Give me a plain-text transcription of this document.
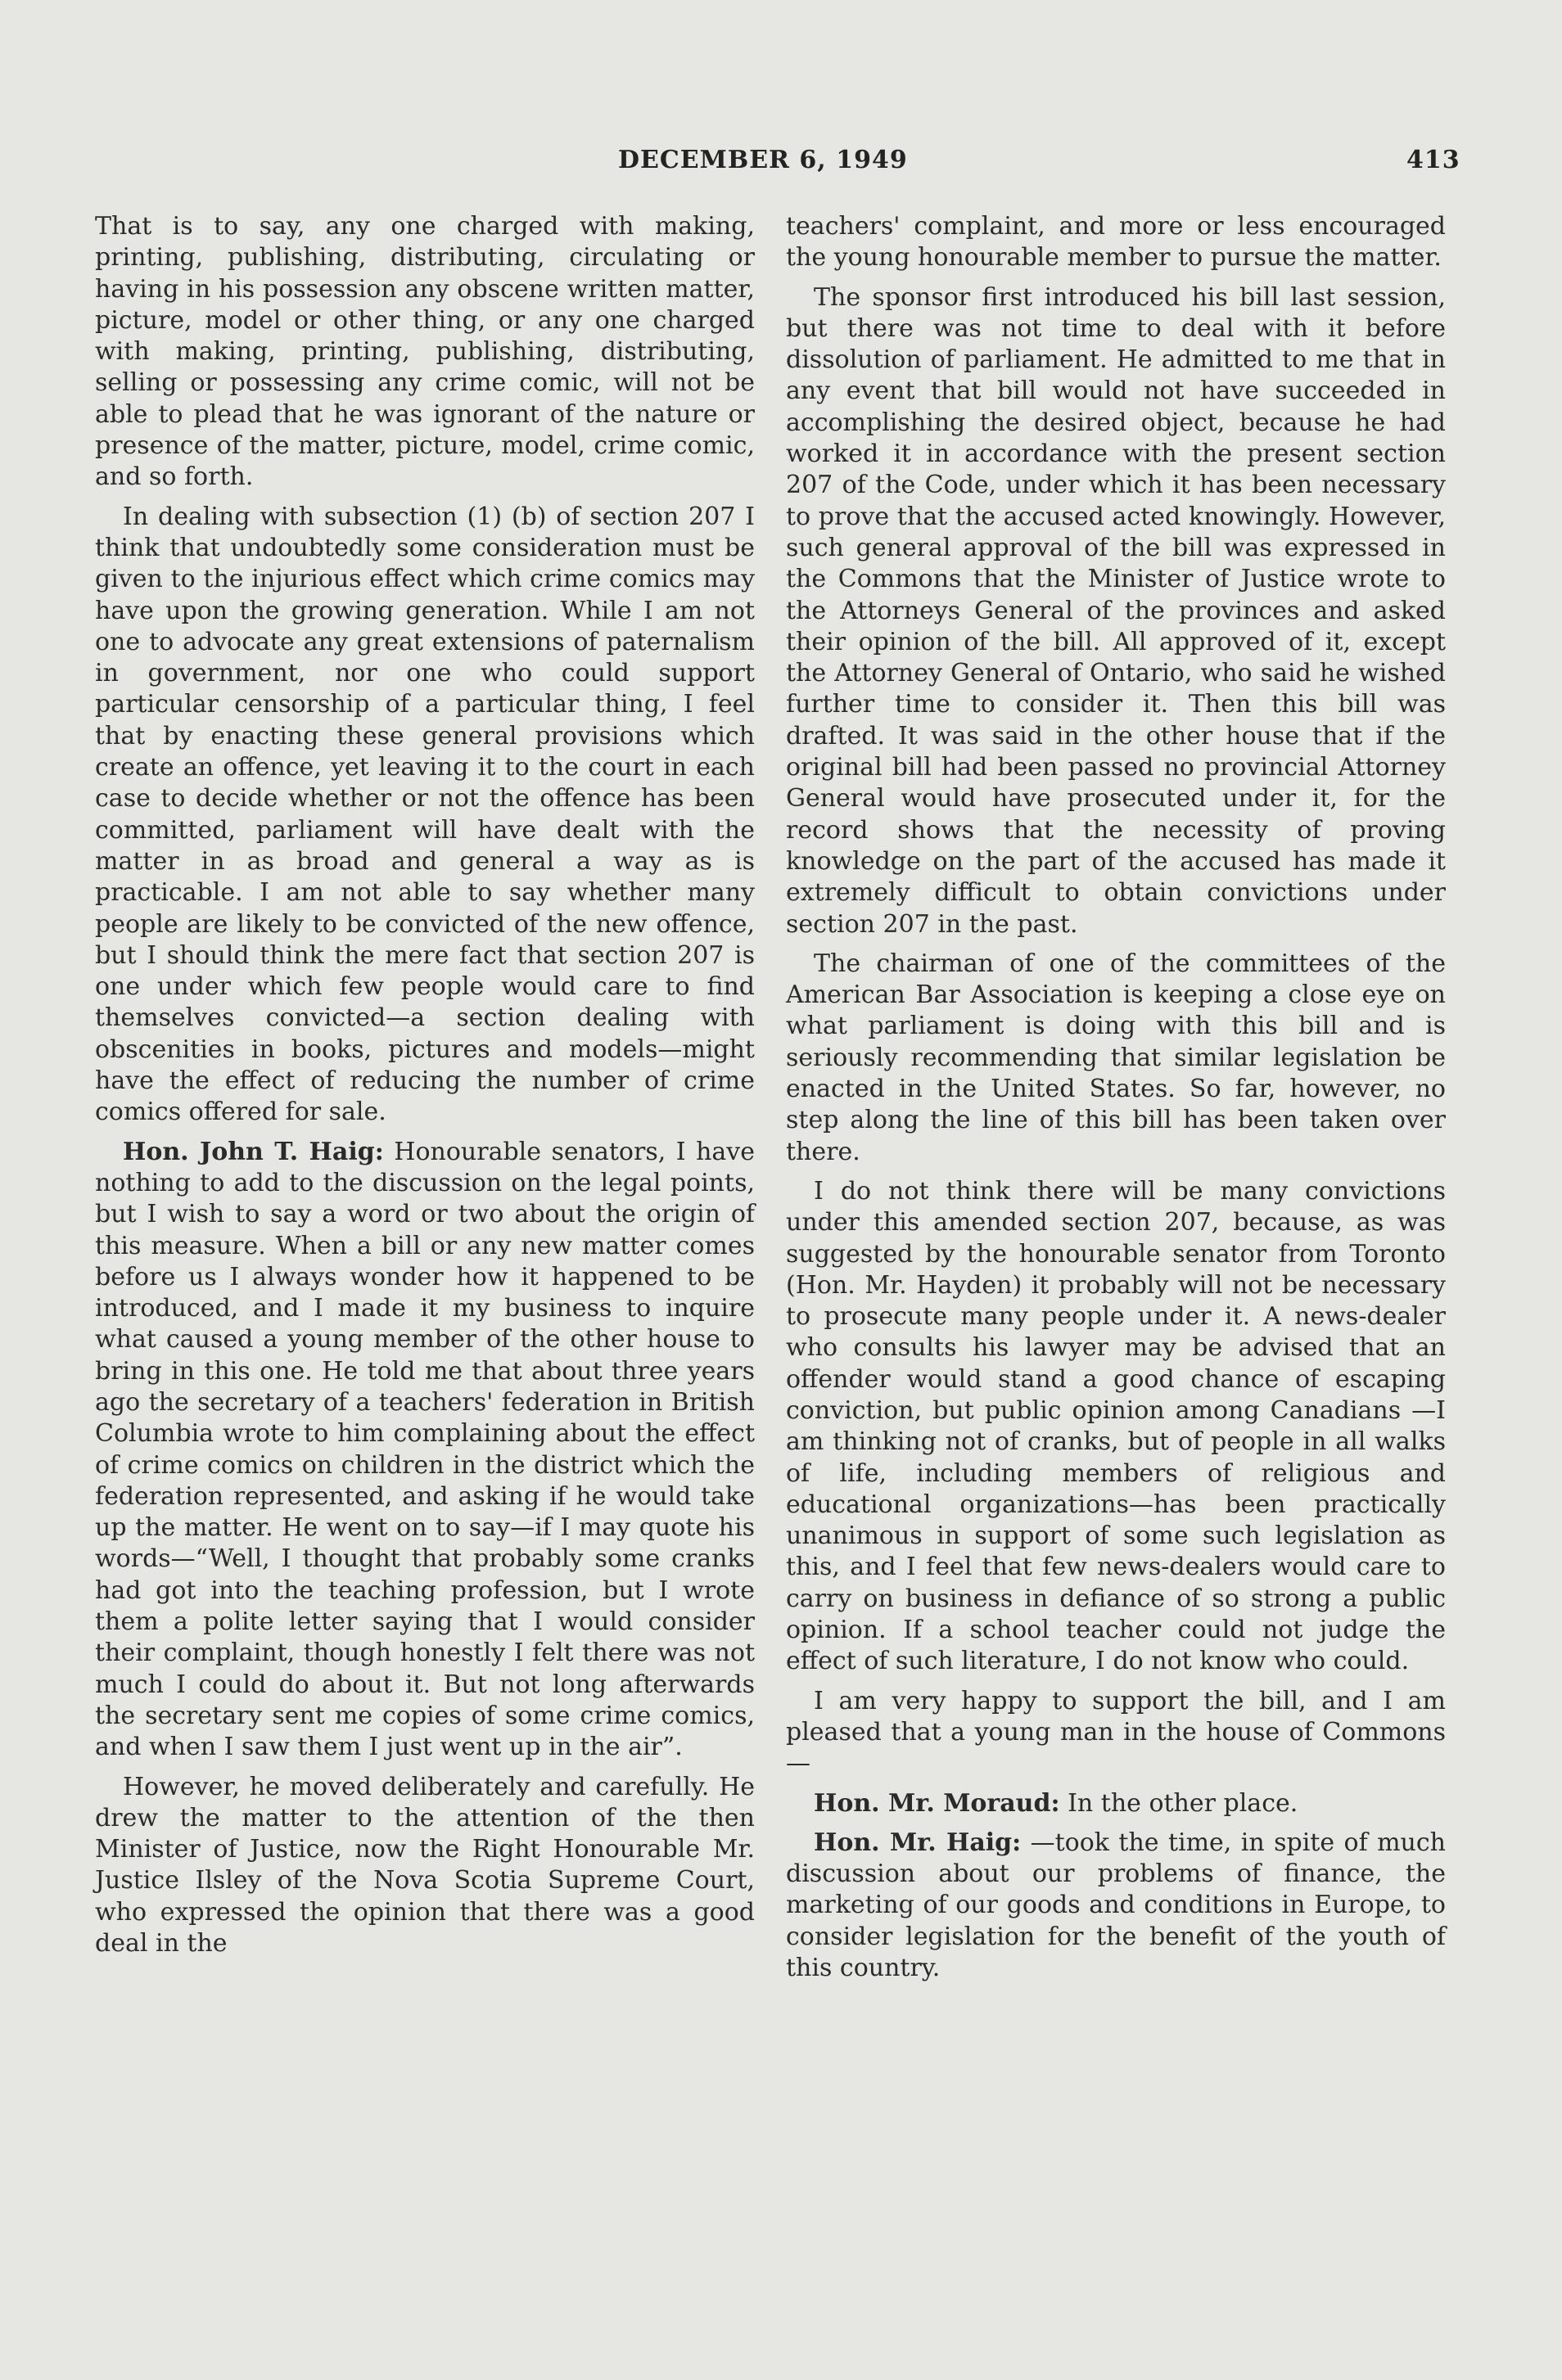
DECEMBER 6, 1949	413

That is to say, any one charged with making, printing, publishing, distributing, circulating or having in his possession any obscene written matter, picture, model or other thing, or any one charged with making, printing, publishing, distributing, selling or possessing any crime comic, will not be able to plead that he was ignorant of the nature or presence of the matter, picture, model, crime comic, and so forth.

In dealing with subsection (1) (b) of section 207 I think that undoubtedly some consideration must be given to the injurious effect which crime comics may have upon the growing generation. While I am not one to advocate any great extensions of paternalism in government, nor one who could support particular censorship of a particular thing, I feel that by enacting these general provisions which create an offence, yet leaving it to the court in each case to decide whether or not the offence has been committed, parliament will have dealt with the matter in as broad and general a way as is practicable. I am not able to say whether many people are likely to be convicted of the new offence, but I should think the mere fact that section 207 is one under which few people would care to find themselves convicted—a section dealing with obscenities in books, pictures and models—might have the effect of reducing the number of crime comics offered for sale.

Hon. John T. Haig: Honourable senators, I have nothing to add to the discussion on the legal points, but I wish to say a word or two about the origin of this measure. When a bill or any new matter comes before us I always wonder how it happened to be introduced, and I made it my business to inquire what caused a young member of the other house to bring in this one. He told me that about three years ago the secretary of a teachers' federation in British Columbia wrote to him complaining about the effect of crime comics on children in the district which the federation represented, and asking if he would take up the matter. He went on to say—if I may quote his words—“Well, I thought that probably some cranks had got into the teaching profession, but I wrote them a polite letter saying that I would consider their complaint, though honestly I felt there was not much I could do about it. But not long afterwards the secretary sent me copies of some crime comics, and when I saw them I just went up in the air”.

However, he moved deliberately and carefully. He drew the matter to the attention of the then Minister of Justice, now the Right Honourable Mr. Justice Ilsley of the Nova Scotia Supreme Court, who expressed the opinion that there was a good deal in the

teachers' complaint, and more or less encouraged the young honourable member to pursue the matter.

The sponsor first introduced his bill last session, but there was not time to deal with it before dissolution of parliament. He admitted to me that in any event that bill would not have succeeded in accomplishing the desired object, because he had worked it in accordance with the present section 207 of the Code, under which it has been necessary to prove that the accused acted knowingly. However, such general approval of the bill was expressed in the Commons that the Minister of Justice wrote to the Attorneys General of the provinces and asked their opinion of the bill. All approved of it, except the Attorney General of Ontario, who said he wished further time to consider it. Then this bill was drafted. It was said in the other house that if the original bill had been passed no provincial Attorney General would have prosecuted under it, for the record shows that the necessity of proving knowledge on the part of the accused has made it extremely difficult to obtain convictions under section 207 in the past.

The chairman of one of the committees of the American Bar Association is keeping a close eye on what parliament is doing with this bill and is seriously recommending that similar legislation be enacted in the United States. So far, however, no step along the line of this bill has been taken over there.

I do not think there will be many convictions under this amended section 207, because, as was suggested by the honourable senator from Toronto (Hon. Mr. Hayden) it probably will not be necessary to prosecute many people under it. A news-dealer who consults his lawyer may be advised that an offender would stand a good chance of escaping conviction, but public opinion among Canadians —I am thinking not of cranks, but of people in all walks of life, including members of religious and educational organizations—has been practically unanimous in support of some such legislation as this, and I feel that few news-dealers would care to carry on business in defiance of so strong a public opinion. If a school teacher could not judge the effect of such literature, I do not know who could.

I am very happy to support the bill, and I am pleased that a young man in the house of Commons—

Hon. Mr. Moraud: In the other place.

Hon. Mr. Haig: —took the time, in spite of much discussion about our problems of finance, the marketing of our goods and conditions in Europe, to consider legislation for the benefit of the youth of this country.
